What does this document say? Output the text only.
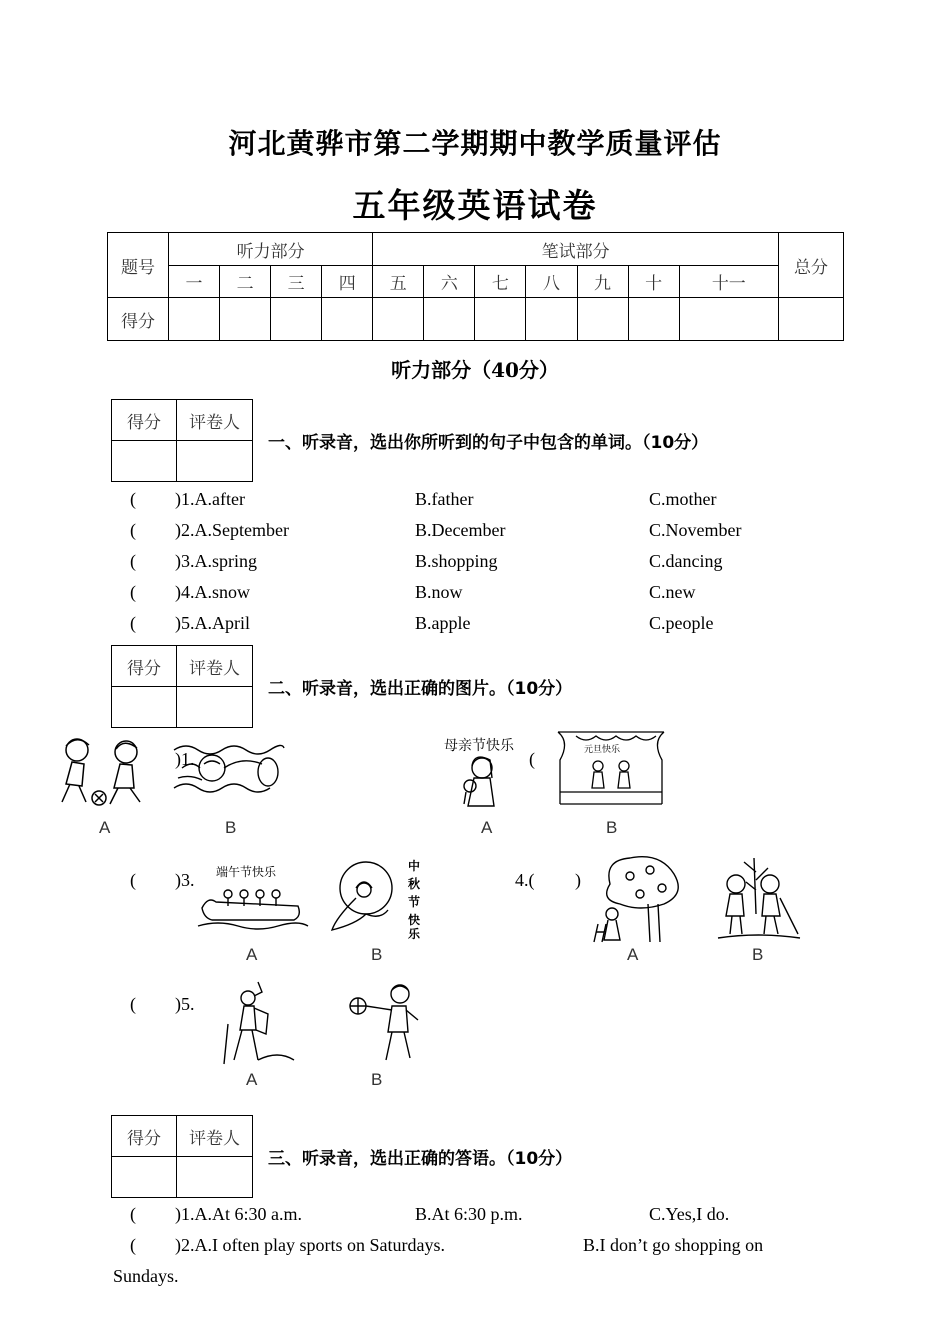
河北黄骅市第二学期期中教学质量评估
五年级英语试卷
题号	听力部分				笔试部分							总分
	一	二	三	四	五	六	七	八	九	十	十一	
得分												
听力部分（40分）
得分	评卷人

一、听录音，选出你所听到的句子中包含的单词。（10分）
( )1.A.after	B.father	C.mother
( )2.A.September	B.December	C.November
( )3.A.spring	B.shopping	C.dancing
( )4.A.snow	B.now	C.new
( )5.A.April	B.apple	C.people
得分	评卷人

二、听录音，选出正确的图片。（10分）
)1.
A	B
母亲节快乐
(	元旦快乐
A	B
( )3. 端午节快乐	中
秋
节
快
乐
A	B
4.( )
A	B
( )5.
A	B
得分	评卷人

三、听录音，选出正确的答语。（10分）
( )1.A.At 6:30 a.m.	B.At 6:30 p.m.	C.Yes,I do.
( )2.A.I often play sports on Saturdays.	B.I don’t go shopping on
Sundays.
